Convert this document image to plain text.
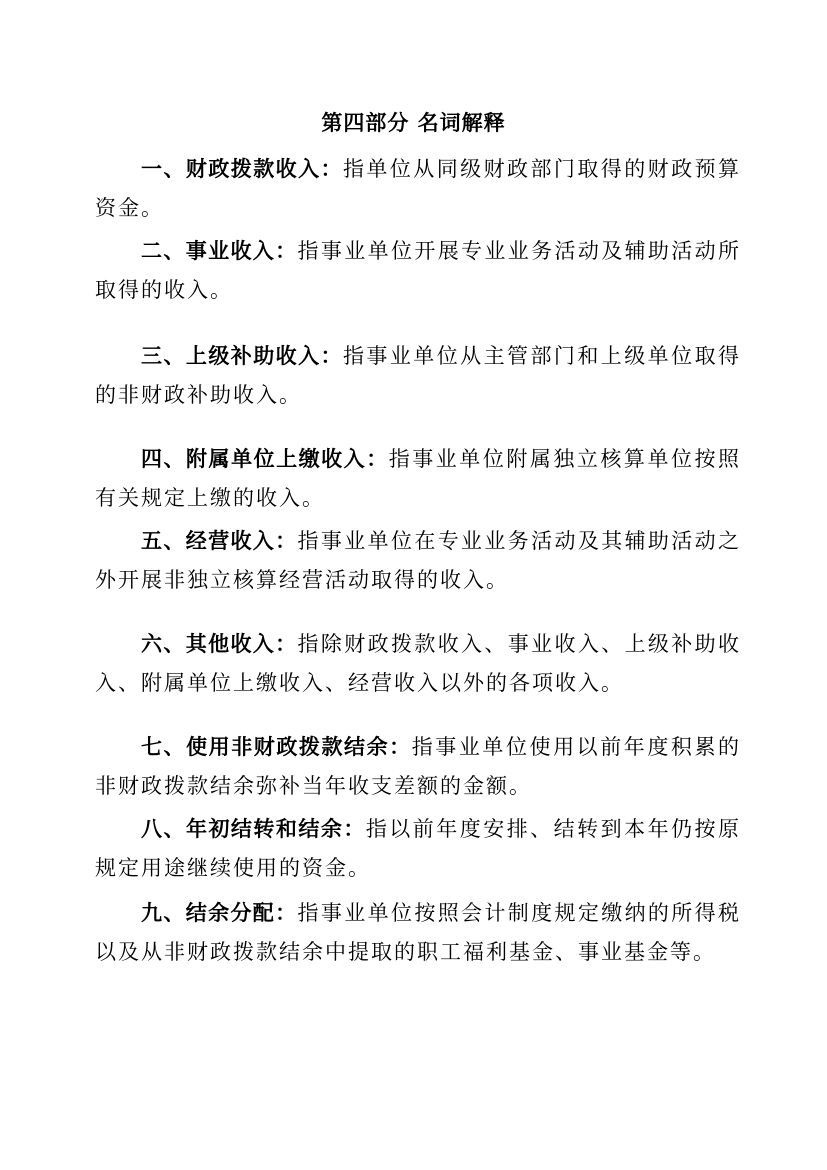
第四部分 名词解释

一、财政拨款收入：指单位从同级财政部门取得的财政预算资金。

二、事业收入：指事业单位开展专业业务活动及辅助活动所取得的收入。

三、上级补助收入：指事业单位从主管部门和上级单位取得的非财政补助收入。

四、附属单位上缴收入：指事业单位附属独立核算单位按照有关规定上缴的收入。

五、经营收入：指事业单位在专业业务活动及其辅助活动之外开展非独立核算经营活动取得的收入。

六、其他收入：指除财政拨款收入、事业收入、上级补助收入、附属单位上缴收入、经营收入以外的各项收入。

七、使用非财政拨款结余：指事业单位使用以前年度积累的非财政拨款结余弥补当年收支差额的金额。

八、年初结转和结余：指以前年度安排、结转到本年仍按原规定用途继续使用的资金。

九、结余分配：指事业单位按照会计制度规定缴纳的所得税以及从非财政拨款结余中提取的职工福利基金、事业基金等。
